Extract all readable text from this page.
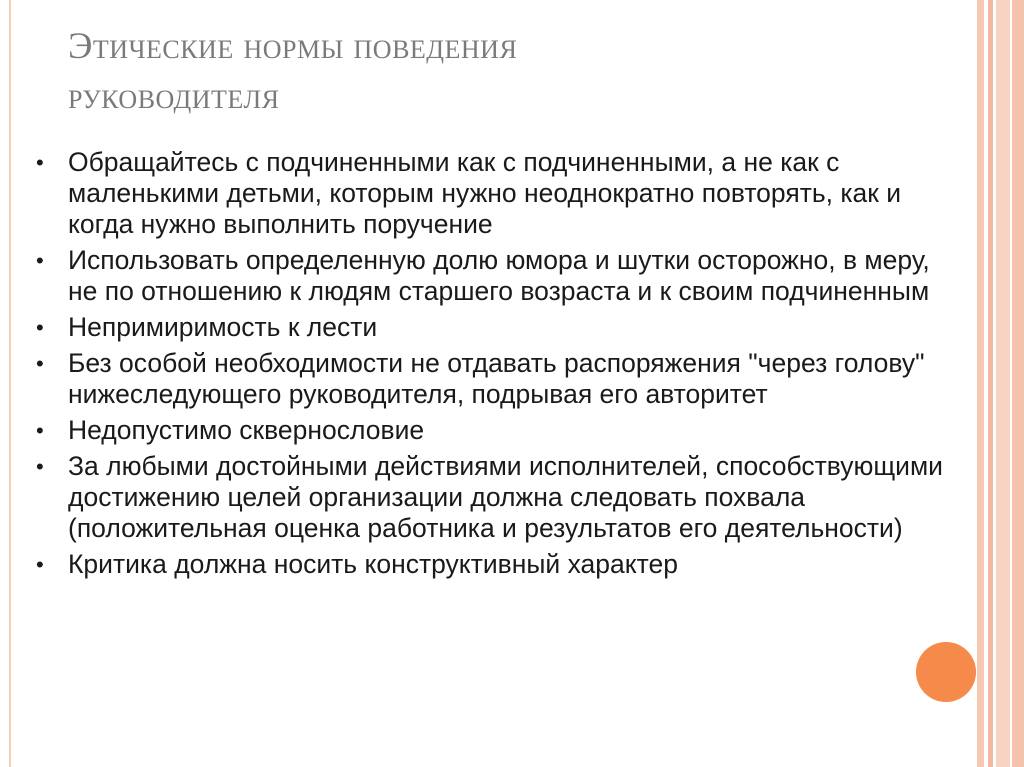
Этические нормы поведения
руководителя
• Обращайтесь с подчиненными как с подчиненными, а не как с маленькими детьми, которым нужно неоднократно повторять, как и когда нужно выполнить поручение
• Использовать определенную долю юмора и шутки осторожно, в меру, не по отношению к людям старшего возраста и к своим подчиненным
• Непримиримость к лести
• Без особой необходимости не отдавать распоряжения "через голову" нижеследующего руководителя, подрывая его авторитет
• Недопустимо сквернословие
• За любыми достойными действиями исполнителей, способствующими достижению целей организации должна следовать похвала (положительная оценка работника и результатов его деятельности)
• Критика должна носить конструктивный характер
